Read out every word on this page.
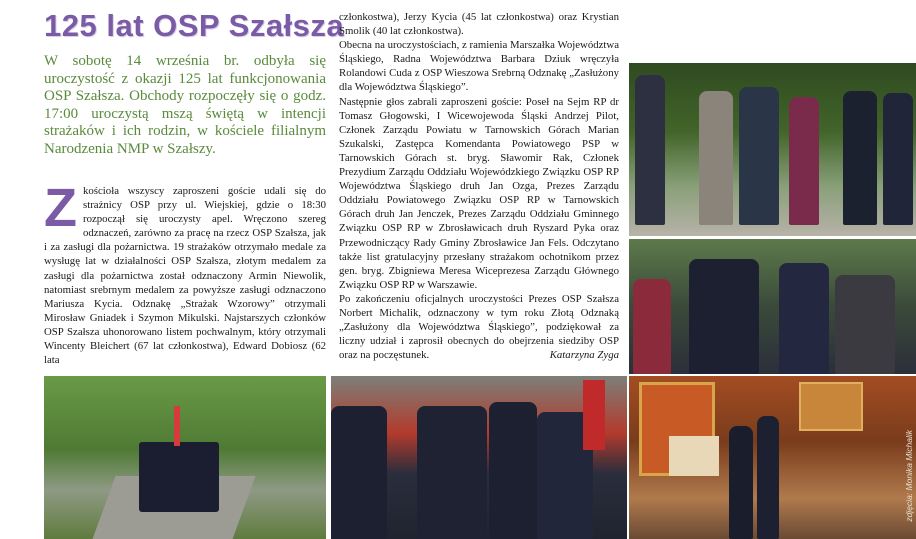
125 lat OSP Szałsza

W sobotę 14 września br. odbyła się uroczystość z okazji 125 lat funkcjonowania OSP Szałsza. Obchody rozpoczęły się o godz. 17:00 uroczystą mszą świętą w intencji strażaków i ich rodzin, w kościele filialnym Narodzenia NMP w Szałszy.

Zkościoła wszyscy zaproszeni goście udali się do strażnicy OSP przy ul. Wiejskiej, gdzie o 18:30 rozpoczął się uroczysty apel. Wręczono szereg odznaczeń, zarówno za pracę na rzecz OSP Szałsza, jak i za zasługi dla pożarnictwa. 19 strażaków otrzymało medale za wysługę lat w działalności OSP Szałsza, złotym medalem za zasługi dla pożarnictwa został odznaczony Armin Niewolik, natomiast srebrnym medalem za powyższe zasługi odznaczono Mariusza Kycia. Odznakę „Strażak Wzorowy” otrzymali Mirosław Gniadek i Szymon Mikulski. Najstarszych członków OSP Szałsza uhonorowano listem pochwalnym, który otrzymali Wincenty Bleichert (67 lat członkostwa), Edward Dobiosz (62 lata

członkostwa), Jerzy Kycia (45 lat członkostwa) oraz Krystian Smolik (40 lat członkostwa).

Obecna na uroczystościach, z ramienia Marszałka Województwa Śląskiego, Radna Województwa Barbara Dziuk wręczyła Rolandowi Cuda z OSP Wieszowa Srebrną Odznakę „Zasłużony dla Województwa Śląskiego”.

Następnie głos zabrali zaproszeni goście: Poseł na Sejm RP dr Tomasz Głogowski, I Wicewojewoda Śląski Andrzej Pilot, Członek Zarządu Powiatu w Tarnowskich Górach Marian Szukalski, Zastępca Komendanta Powiatowego PSP w Tarnowskich Górach st. bryg. Sławomir Rak, Członek Prezydium Zarządu Oddziału Wojewódzkiego Związku OSP RP Województwa Śląskiego druh Jan Ozga, Prezes Zarządu Oddziału Powiatowego Związku OSP RP w Tarnowskich Górach druh Jan Jenczek, Prezes Zarządu Oddziału Gminnego Związku OSP RP w Zbrosławicach druh Ryszard Pyka oraz Przewodniczący Rady Gminy Zbrosławice Jan Fels. Odczytano także list gratulacyjny przesłany strażakom ochotnikom przez gen. bryg. Zbigniewa Meresa Wiceprezesa Zarządu Głównego Związku OSP RP w Warszawie.

Po zakończeniu oficjalnych uroczystości Prezes OSP Szałsza Norbert Michalik, odznaczony w tym roku Złotą Odznaką „Zasłużony dla Województwa Śląskiego”, podziękował za liczny udział i zaprosił obecnych do obejrzenia siedziby OSP oraz na poczęstunek.	Katarzyna Zyga

zdjęcia: Monika Michalik
